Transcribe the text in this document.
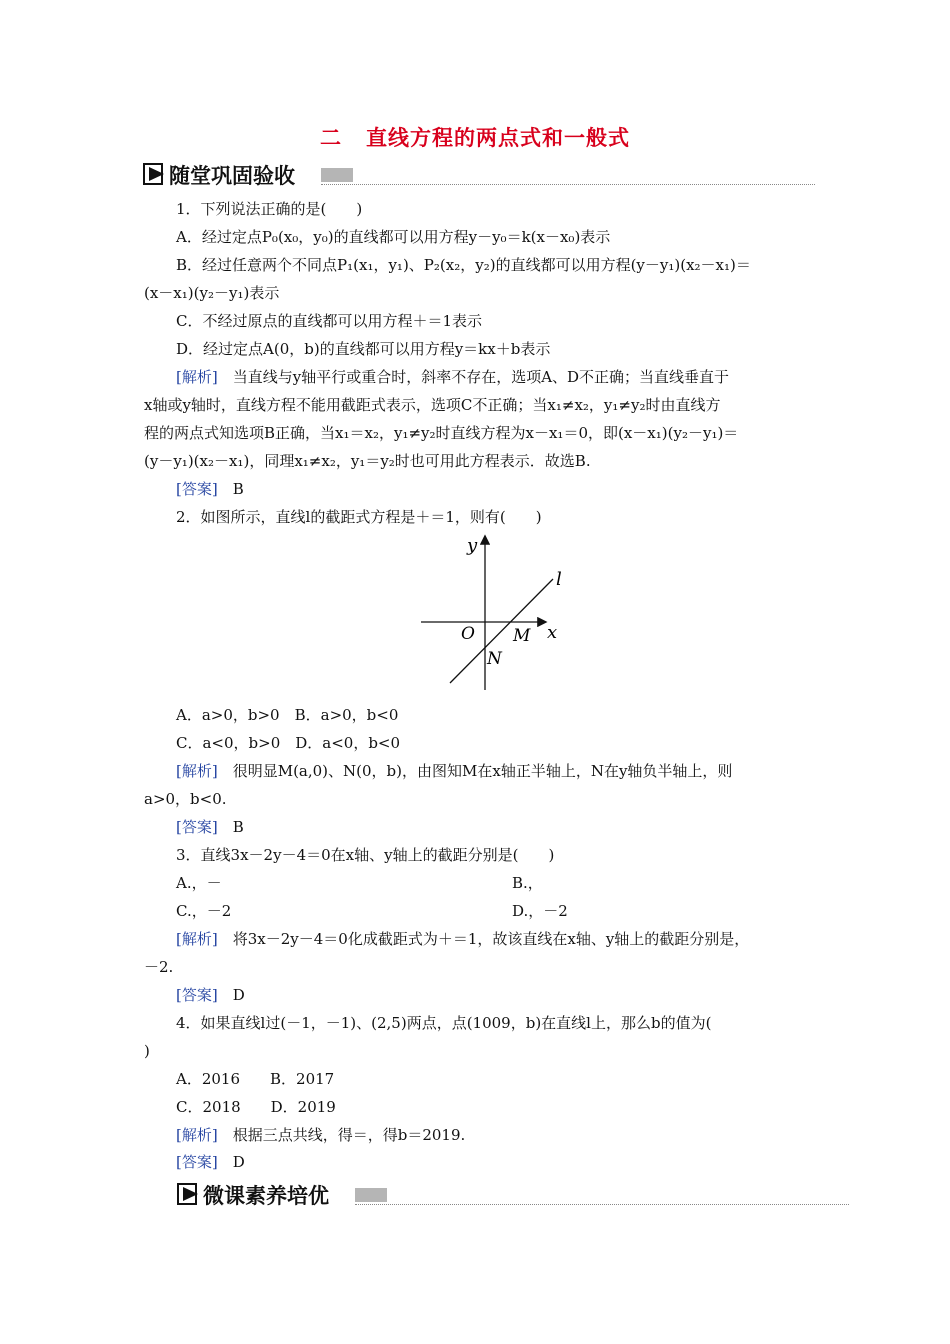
二 直线方程的两点式和一般式
随堂巩固验收
1．下列说法正确的是(　　)
A．经过定点P₀(x₀，y₀)的直线都可以用方程y－y₀＝k(x－x₀)表示
B．经过任意两个不同点P₁(x₁，y₁)、P₂(x₂，y₂)的直线都可以用方程(y－y₁)(x₂－x₁)＝
(x－x₁)(y₂－y₁)表示
C．不经过原点的直线都可以用方程＋＝1表示
D．经过定点A(0，b)的直线都可以用方程y＝kx＋b表示
[解析]　当直线与y轴平行或重合时，斜率不存在，选项A、D不正确；当直线垂直于
x轴或y轴时，直线方程不能用截距式表示，选项C不正确；当x₁≠x₂，y₁≠y₂时由直线方
程的两点式知选项B正确，当x₁＝x₂，y₁≠y₂时直线方程为x－x₁＝0，即(x－x₁)(y₂－y₁)＝
(y－y₁)(x₂－x₁)，同理x₁≠x₂，y₁＝y₂时也可用此方程表示．故选B.
[答案]　B
2．如图所示，直线l的截距式方程是＋＝1，则有(　　)
y
l
O M x
N
A．a>0，b>0　B．a>0，b<0
C．a<0，b>0　D．a<0，b<0
[解析]　很明显M(a,0)、N(0，b)，由图知M在x轴正半轴上，N在y轴负半轴上，则
a>0，b<0.
[答案]　B
3．直线3x－2y－4＝0在x轴、y轴上的截距分别是(　　)
A.，－	B.，
C.，－2	D.，－2
[解析]　将3x－2y－4＝0化成截距式为＋＝1，故该直线在x轴、y轴上的截距分别是，
－2.
[答案]　D
4．如果直线l过(－1，－1)、(2,5)两点，点(1009，b)在直线l上，那么b的值为(
)
A．2016　　B．2017
C．2018　　D．2019
[解析]　根据三点共线，得＝，得b＝2019.
[答案]　D
微课素养培优
